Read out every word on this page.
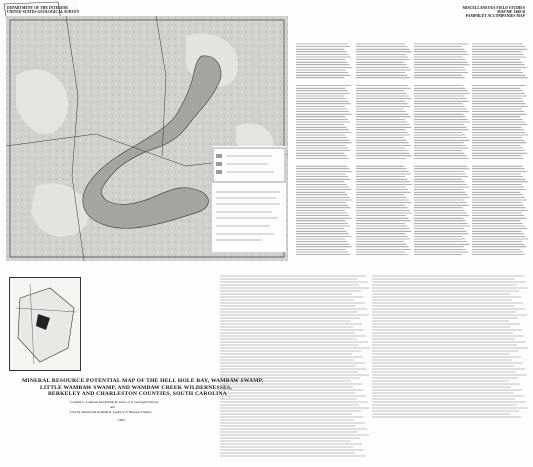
DEPARTMENT OF THE INTERIOR
UNITED STATES GEOLOGICAL SURVEY
MISCELLANEOUS FIELD STUDIES
MAP MF-1468-B
PAMPHLET ACCOMPANIES MAP
MINERAL RESOURCE POTENTIAL MAP OF THE HELL HOLE BAY, WAMBAW SWAMP,
LITTLE WAMBAW SWAMP, AND WAMBAW CREEK WILDERNESSES,
BERKELEY AND CHARLESTON COUNTIES, SOUTH CAROLINA
Cornelia C. Cameron and Robbie R. Gries, U.S. Geological Survey
and
Clay M. Martin and Kenneth R. Leahy, U.S. Bureau of Mines
1983
